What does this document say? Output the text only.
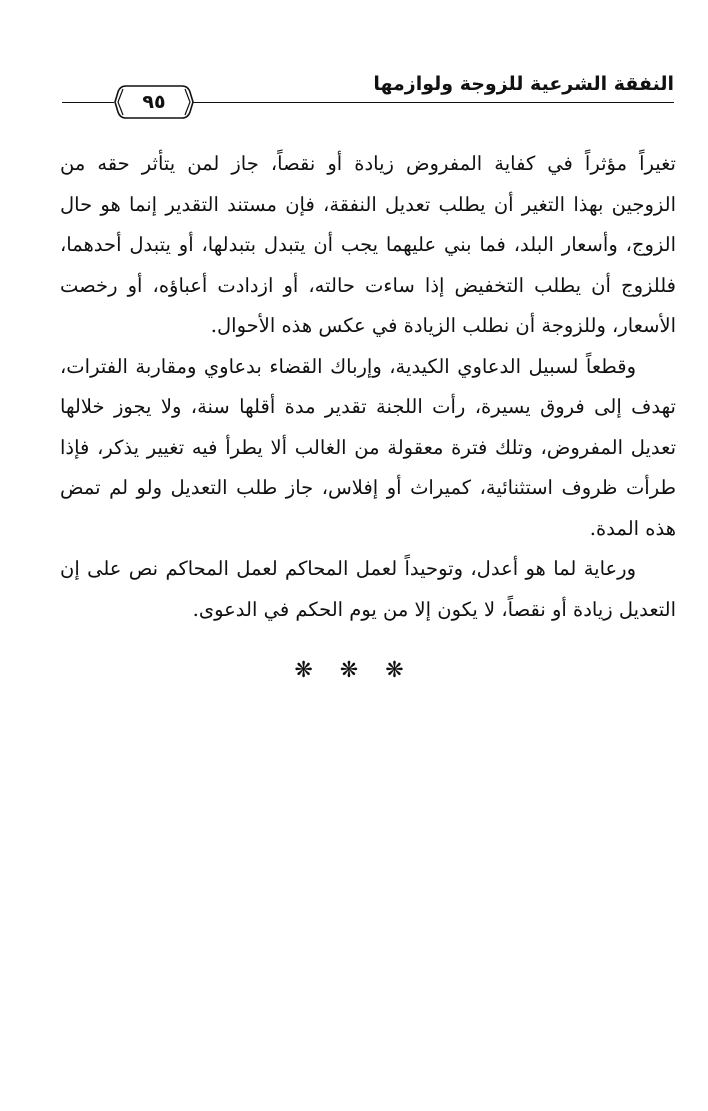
النفقة الشرعية للزوجة ولوازمها
٩٥

تغيراً مؤثراً في كفاية المفروض زيادة أو نقصاً، جاز لمن يتأثر حقه من الزوجين بهذا التغير أن يطلب تعديل النفقة، فإن مستند التقدير إنما هو حال الزوج، وأسعار البلد، فما بني عليهما يجب أن يتبدل بتبدلها، أو يتبدل أحدهما، فللزوج أن يطلب التخفيض إذا ساءت حالته، أو ازدادت أعباؤه، أو رخصت الأسعار، وللزوجة أن نطلب الزيادة في عكس هذه الأحوال.

وقطعاً لسبيل الدعاوي الكيدية، وإرباك القضاء بدعاوي ومقاربة الفترات، تهدف إلى فروق يسيرة، رأت اللجنة تقدير مدة أقلها سنة، ولا يجوز خلالها تعديل المفروض، وتلك فترة معقولة من الغالب ألا يطرأ فيه تغيير يذكر، فإذا طرأت ظروف استثنائية، كميراث أو إفلاس، جاز طلب التعديل ولو لم تمض هذه المدة.

ورعاية لما هو أعدل، وتوحيداً لعمل المحاكم لعمل المحاكم نص على إن التعديل زيادة أو نقصاً، لا يكون إلا من يوم الحكم في الدعوى.

❋ ❋ ❋
